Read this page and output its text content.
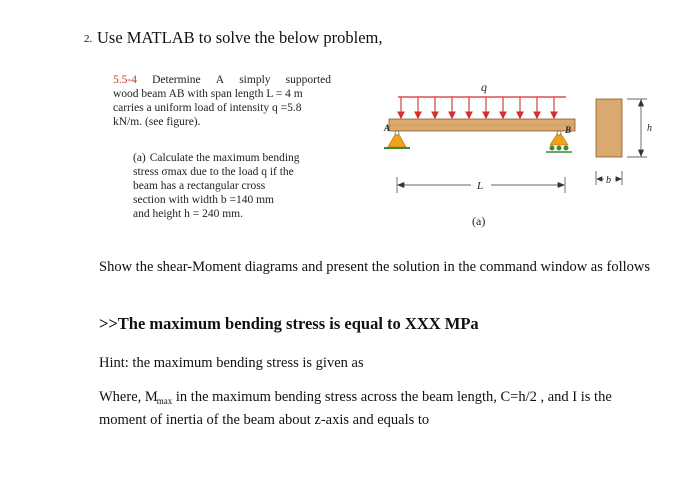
2. Use MATLAB to solve the below problem,
5.5-4 Determine A simply supported
wood beam AB with span length L = 4 m
carries a uniform load of intensity q =5.8
kN/m. (see figure).
(a) Calculate the maximum bending
stress σmax due to the load q if the
beam has a rectangular cross
section with width b =140 mm
and height h = 240 mm.
q
A	B
L
(a)
h
b
Show the shear-Moment diagrams and present the solution in the command window as follows
>>The maximum bending stress is equal to XXX MPa
Hint: the maximum bending stress is given as
Where, $M_{max}$ in the maximum bending stress across the beam length, C=h/2 , and I is the moment of inertia of the beam about z-axis and equals to
